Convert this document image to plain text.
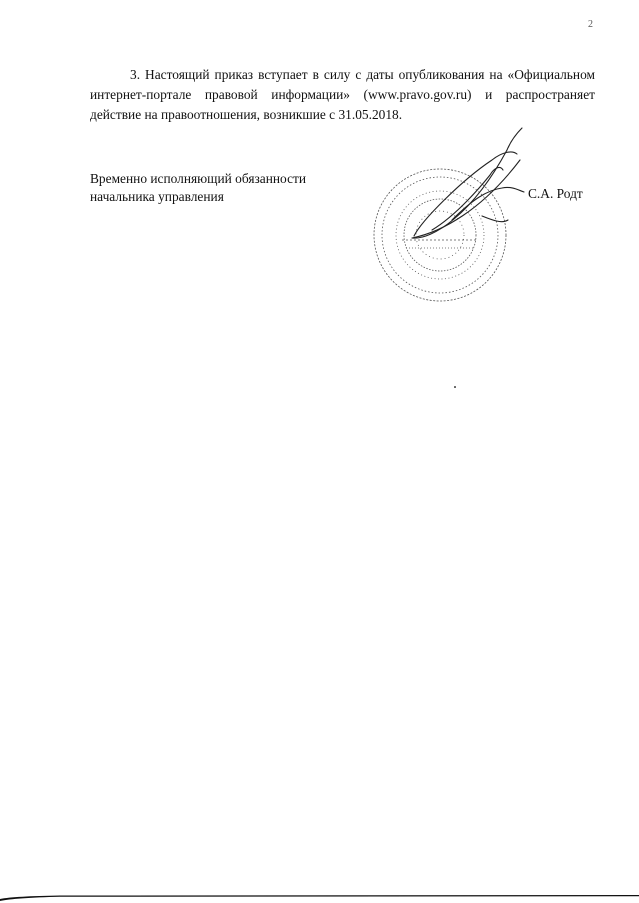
2

3. Настоящий приказ вступает в силу с даты опубликования на «Официальном интернет-портале правовой информации» (www.pravo.gov.ru) и распространяет действие на правоотношения, возникшие с 31.05.2018.

Временно исполняющий обязанности
начальника управления	С.А. Родт
